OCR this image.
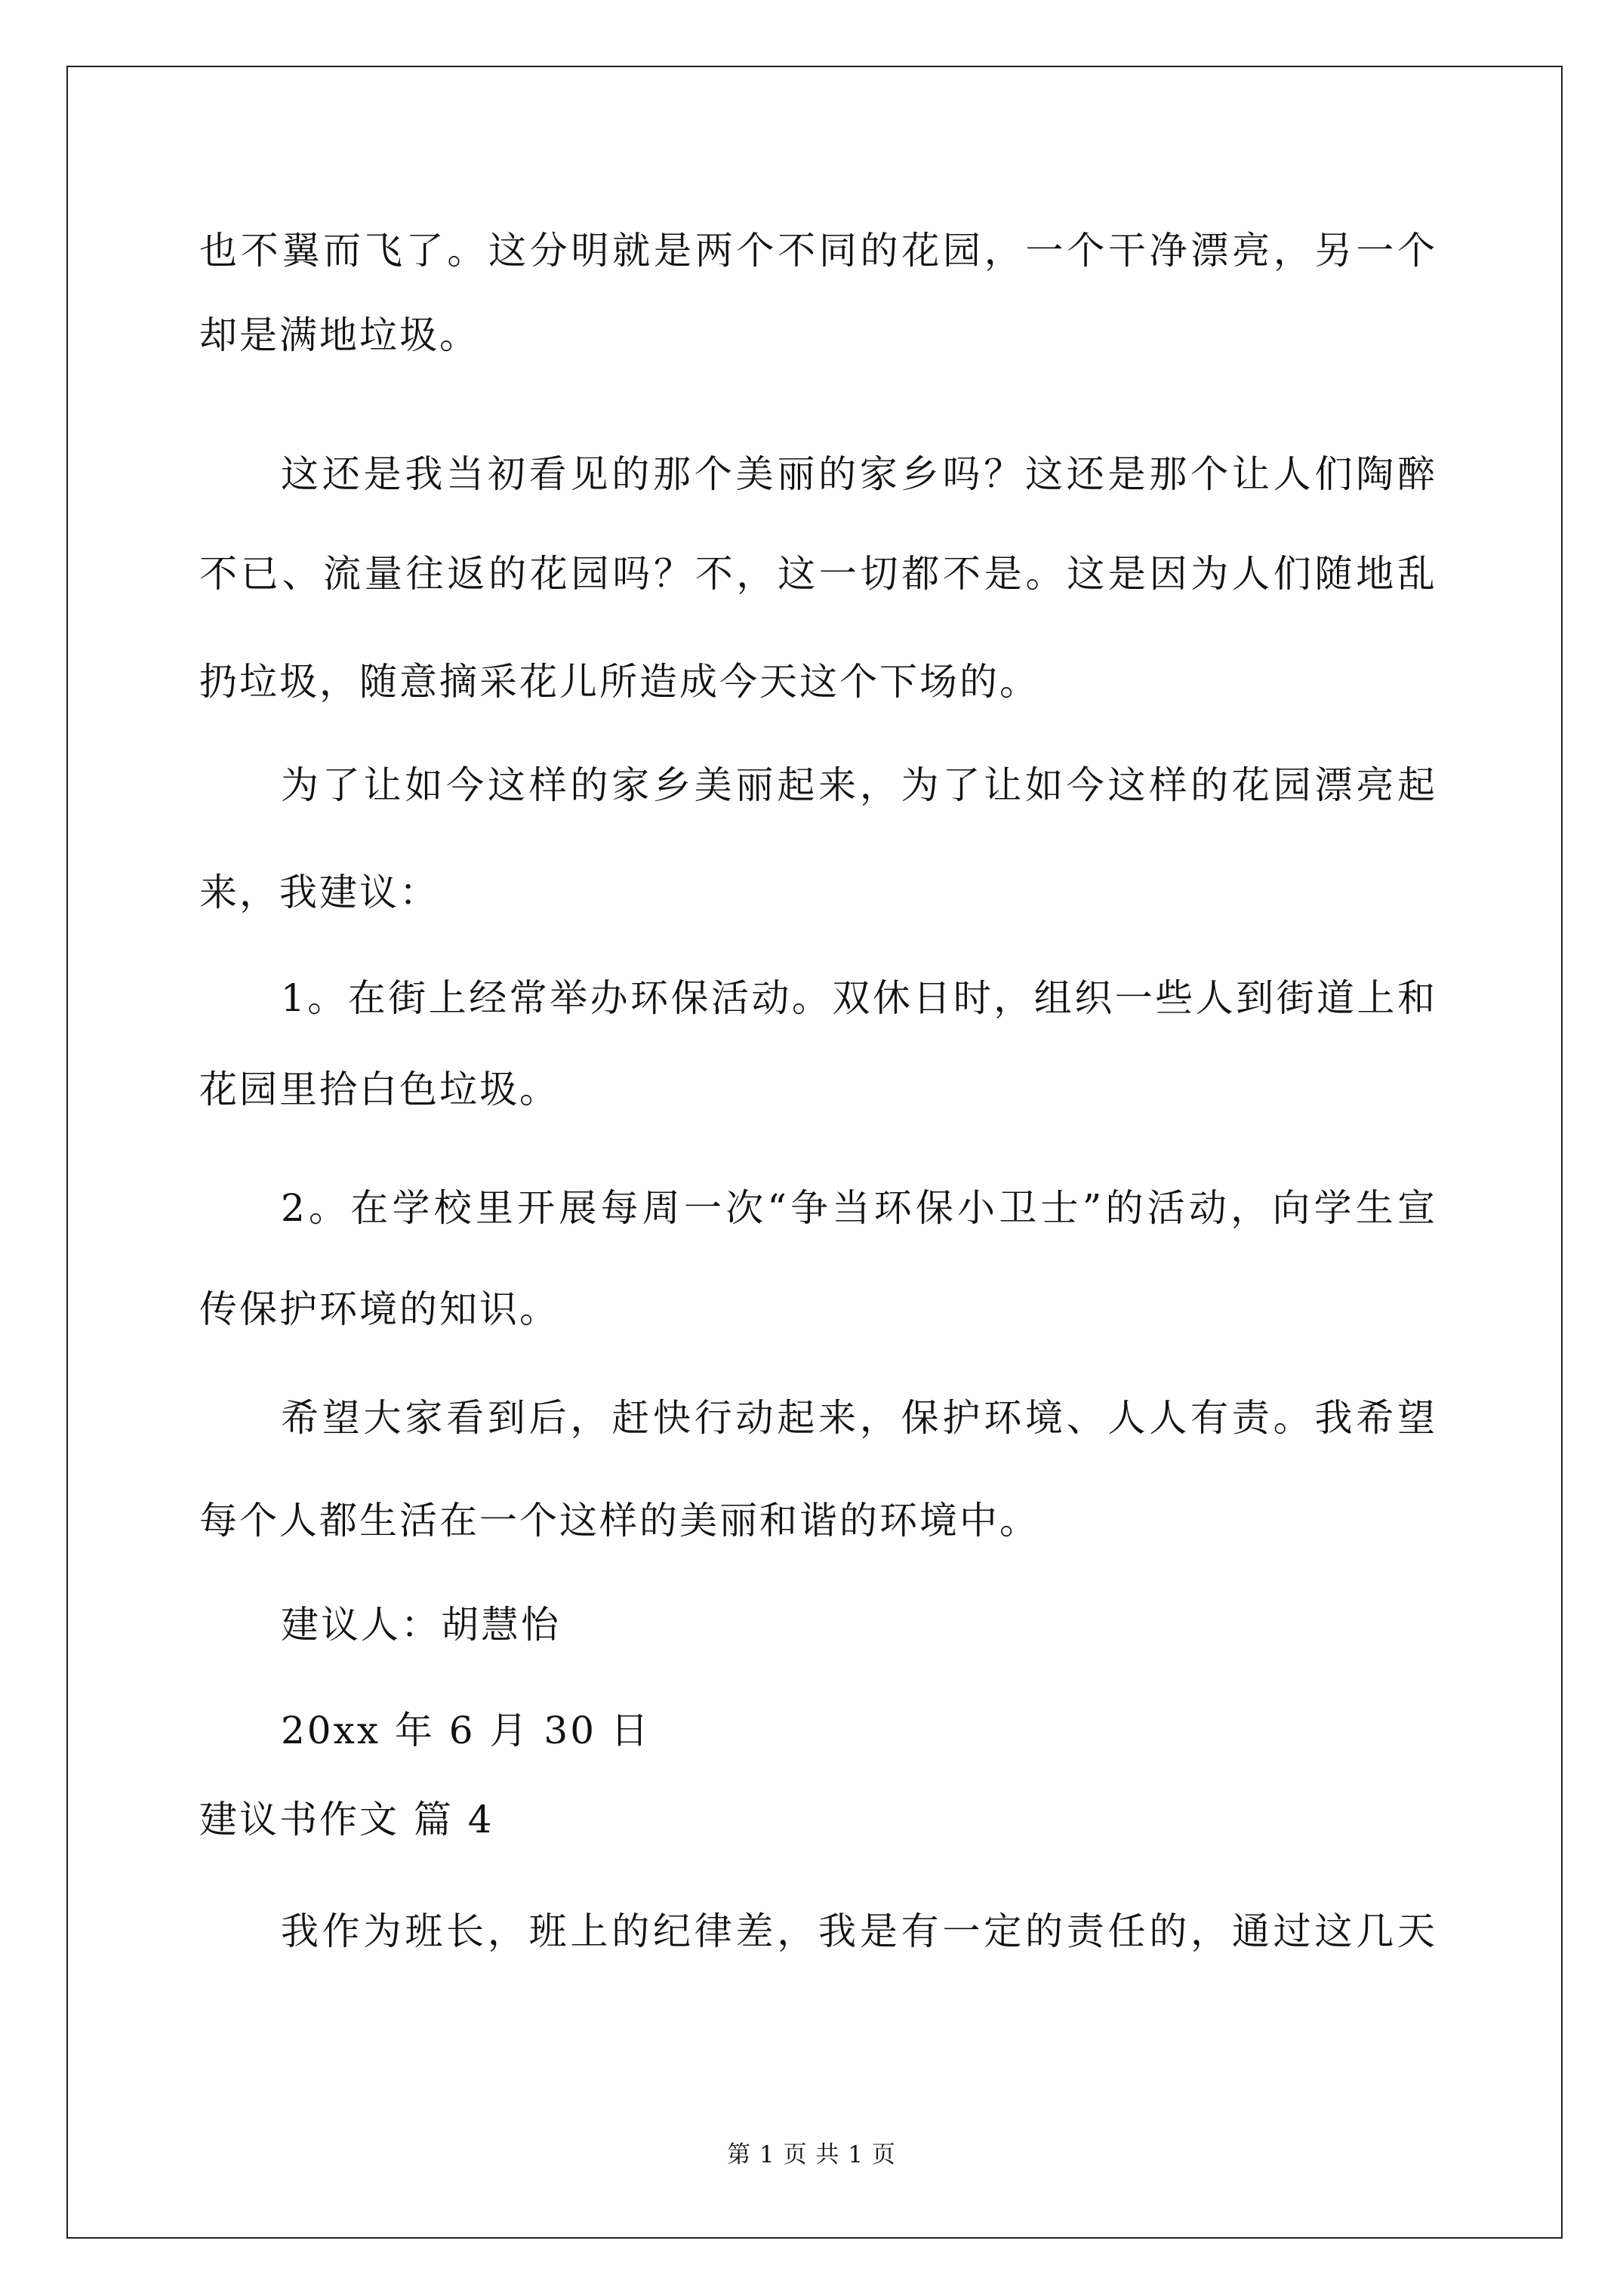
也不翼而飞了。这分明就是两个不同的花园，一个干净漂亮，另一个
却是满地垃圾。
这还是我当初看见的那个美丽的家乡吗？这还是那个让人们陶醉
不已、流量往返的花园吗？不，这一切都不是。这是因为人们随地乱
扔垃圾，随意摘采花儿所造成今天这个下场的。
为了让如今这样的家乡美丽起来，为了让如今这样的花园漂亮起
来，我建议：
1。在街上经常举办环保活动。双休日时，组织一些人到街道上和
花园里拾白色垃圾。
2。在学校里开展每周一次“争当环保小卫士”的活动，向学生宣
传保护环境的知识。
希望大家看到后，赶快行动起来，保护环境、人人有责。我希望
每个人都生活在一个这样的美丽和谐的环境中。
建议人：胡慧怡
20xx 年 6 月 30 日
建议书作文 篇 4
我作为班长，班上的纪律差，我是有一定的责任的，通过这几天
第 1 页 共 1 页
